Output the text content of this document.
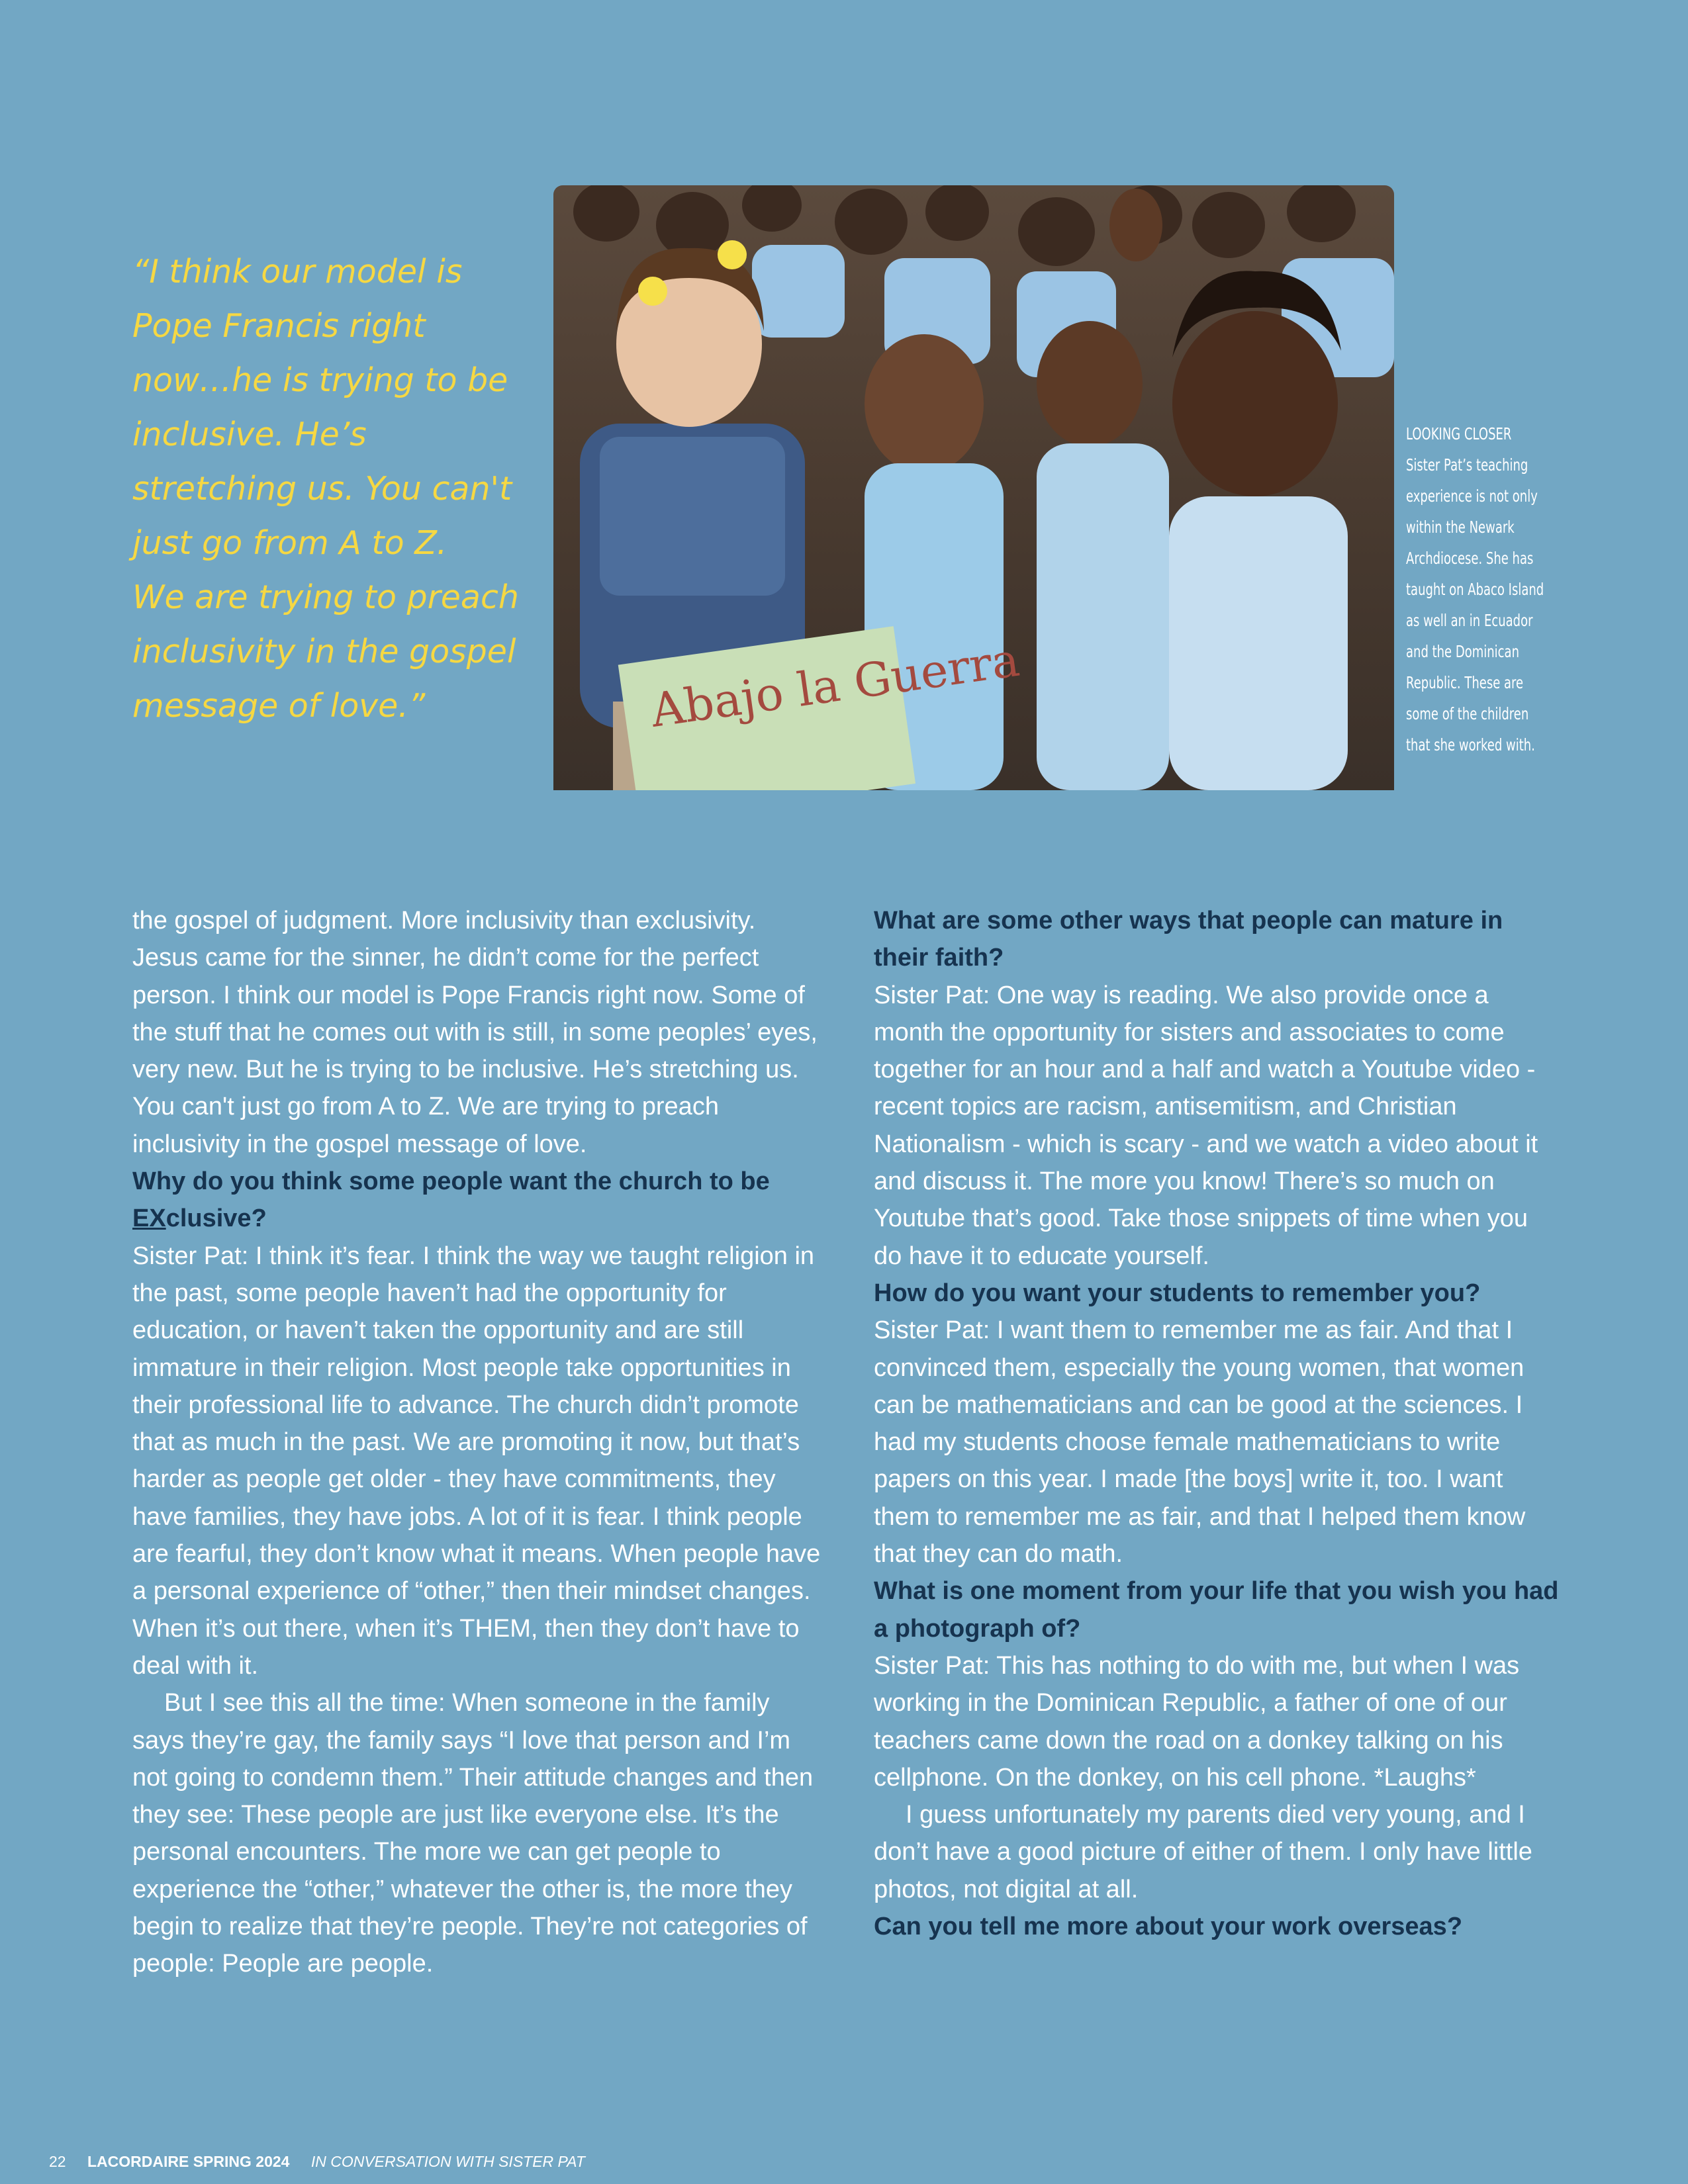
“I think our model is

Pope Francis right

now…he is trying to be

inclusive. He’s

stretching us. You can't

just go from A to Z.

We are trying to preach

inclusivity in the gospel

message of love.”	Abajo la Guerra
LOOKING CLOSER
Sister Pat’s teaching
experience is not only
within the Newark
Archdiocese. She has
taught on Abaco Island
as well an in Ecuador
and the Dominican
Republic. These are
some of the children
that she worked with.

the gospel of judgment. More inclusivity than exclusivity. Jesus came for the sinner, he didn’t come for the perfect person. I think our model is Pope Francis right now. Some of the stuff that he comes out with is still, in some peoples’ eyes, very new. But he is trying to be inclusive. He’s stretching us. You can't just go from A to Z. We are trying to preach inclusivity in the gospel message of love.

Why do you think some people want the church to be EXclusive?

Sister Pat: I think it’s fear. I think the way we taught religion in the past, some people haven’t had the opportunity for education, or haven’t taken the opportunity and are still immature in their religion. Most people take opportunities in their professional life to advance. The church didn’t promote that as much in the past. We are promoting it now, but that’s harder as people get older - they have commitments, they have families, they have jobs. A lot of it is fear. I think people are fearful, they don’t know what it means. When people have a personal experience of “other,” then their mindset changes. When it’s out there, when it’s THEM, then they don’t have to deal with it.

But I see this all the time: When someone in the family says they’re gay, the family says “I love that person and I’m not going to condemn them.” Their attitude changes and then they see: These people are just like everyone else. It’s the personal encounters. The more we can get people to experience the “other,” whatever the other is, the more they begin to realize that they’re people. They’re not categories of people: People are people.

What are some other ways that people can mature in their faith?

Sister Pat: One way is reading. We also provide once a month the opportunity for sisters and associates to come together for an hour and a half and watch a Youtube video - recent topics are racism, antisemitism, and Christian Nationalism - which is scary - and we watch a video about it and discuss it. The more you know! There’s so much on Youtube that’s good. Take those snippets of time when you do have it to educate yourself.

How do you want your students to remember you?

Sister Pat: I want them to remember me as fair. And that I convinced them, especially the young women, that women can be mathematicians and can be good at the sciences. I had my students choose female mathematicians to write papers on this year. I made [the boys] write it, too. I want them to remember me as fair, and that I helped them know that they can do math.

What is one moment from your life that you wish you had a photograph of?

Sister Pat: This has nothing to do with me, but when I was working in the Dominican Republic, a father of one of our teachers came down the road on a donkey talking on his cellphone. On the donkey, on his cell phone. *Laughs*

I guess unfortunately my parents died very young, and I don’t have a good picture of either of them. I only have little photos, not digital at all.

Can you tell me more about your work overseas?

22 LACORDAIRE SPRING 2024 IN CONVERSATION WITH SISTER PAT
